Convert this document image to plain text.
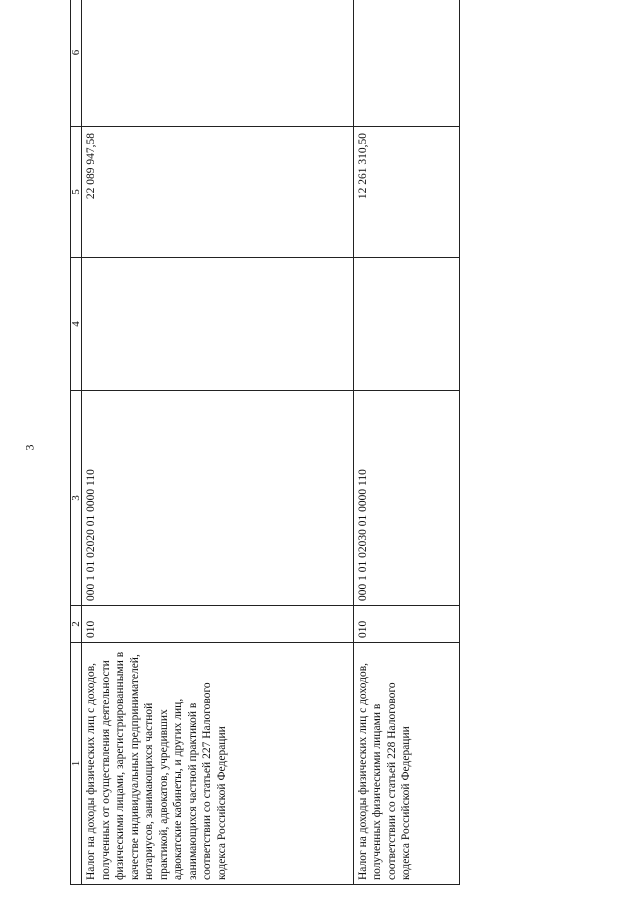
3
1	2	3	4	5	6
Налог на доходы физических лиц с доходов, полученных от осуществления деятельности физическими лицами, зарегистрированными в качестве индивидуальных предпринимателей, нотариусов, занимающихся частной практикой, адвокатов, учредивших адвокатские кабинеты, и других лиц, занимающихся частной практикой в соответствии со статьей 227 Налогового кодекса Российской Федерации	010	000 1 01 02020 01 0000 110		22 089 947,58	
Налог на доходы физических лиц с доходов, полученных физическими лицами в соответствии со статьей 228 Налогового кодекса Российской Федерации	010	000 1 01 02030 01 0000 110		12 261 310,50	
